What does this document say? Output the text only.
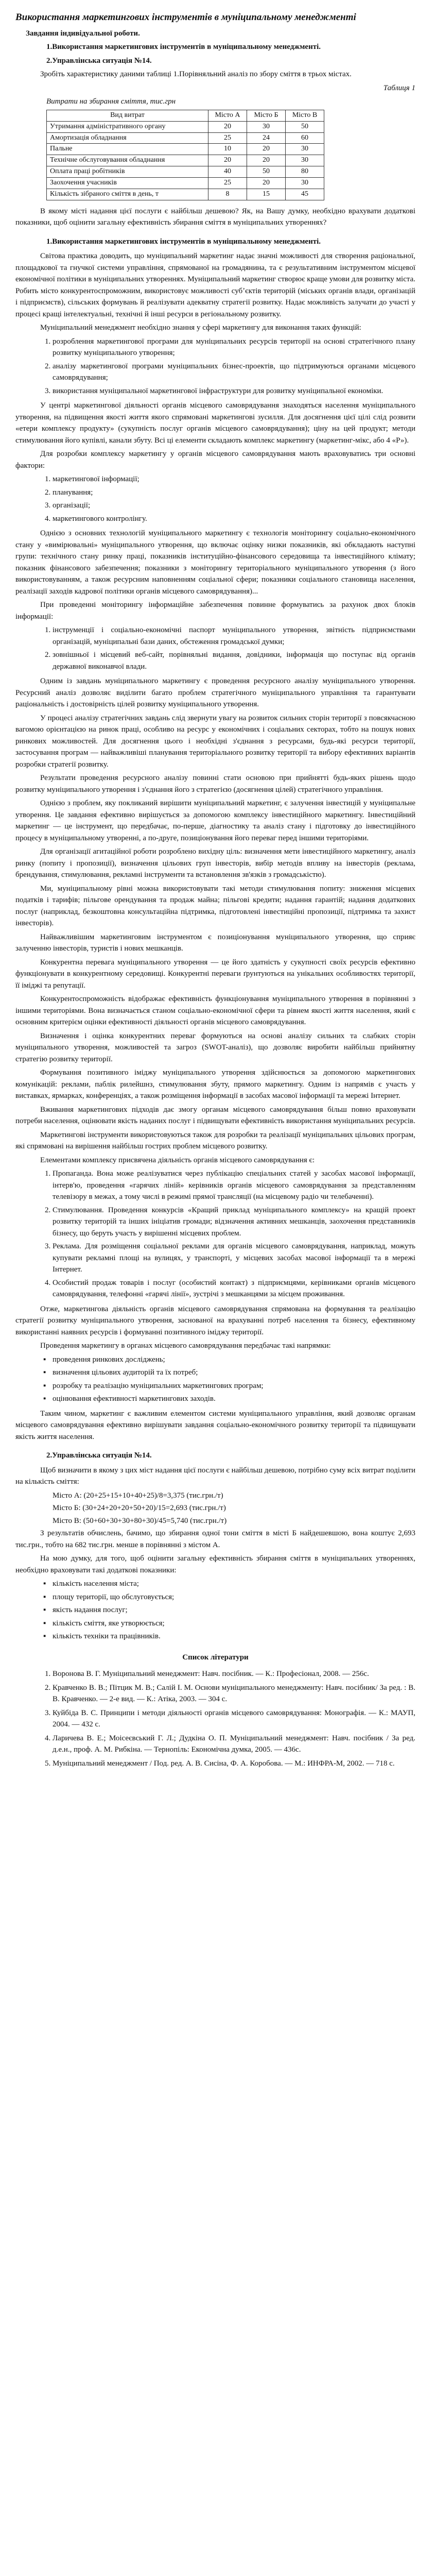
Використання маркетингових інструментів в муніципальному менеджменті
Завдання індивідуальної роботи.
1.Використання маркетингових інструментів в муніципальному менеджменті.
2.Управлінська ситуація №14.

Зробіть характеристику даними таблиці 1.Порівняльний аналіз по збору сміття в трьох містах.

Таблиця 1

Витрати на збирання сміття, тис.грн

Вид витрат	Місто А	Місто Б	Місто В
Утримання адміністративного органу	20	30	50
Амортизація обладнання	25	24	60
Пальне	10	20	30
Технічне обслуговування обладнання	20	20	30
Оплата праці робітників	40	50	80
Заохочення учасників	25	20	30
Кількість зібраного сміття в день, т	8	15	45

В якому місті надання цієї послуги є найбільш дешевою? Як, на Вашу думку, необхідно врахувати додаткові показники, щоб оцінити загальну ефективність збирання сміття в муніципальних утвореннях?

1.Використання маркетингових інструментів в муніципальному менеджменті.

Світова практика доводить, що муніципальний маркетинг надає значні можливості для створення раціональної, площадкової та гнучкої системи управління, спрямованої на громадянина, та є результативним інструментом місцевої економічної політики в муніципальних утвореннях. Муніципальний маркетинг створює краще умови для розвитку міста. Робить місто конкурентоспроможним, використовує можливості субʼєктів територій (міських органів влади, організацій і підприємств), сільських формувань й реалізувати адекватну стратегії розвитку. Надає можливість залучати до участі у процесі кращі інтелектуальні, технічні й інші ресурси в регіональному розвитку.

Муніципальний менеджмент необхідно знання у сфері маркетингу для виконання таких функцій:

1. розроблення маркетингової програми для муніципальних ресурсів території на основі стратегічного плану розвитку муніципального утворення;
2. аналізу маркетингової програми муніципальних бізнес-проектів, що підтримуються органами місцевого самоврядування;
3. використання муніципальної маркетингової інфраструктури для розвитку муніципальної економіки.

У центрі маркетингової діяльності органів місцевого самоврядування знаходяться населення муніципального утворення, на підвищення якості життя якого спрямовані маркетингові зусилля. Для досягнення цієї цілі слід розвити «етери комплексу продукту» (сукупність послуг органів місцевого самоврядування); ціну на цей продукт; методи стимулювання його купівлі, канали збуту. Всі ці елементи складають комплекс маркетингу (маркетинг-мікс, або 4 «Р»).

Для розробки комплексу маркетингу у органів місцевого самоврядування мають враховуватись три основні фактори:

1. маркетингової інформації;
2. планування;
3. організації;
4. маркетингового контролінгу.

Однією з основних технологій муніципального маркетингу є технологія моніторингу соціально-економічного стану у «вимірювальні» муніципального утворення, що включає оцінку низки показників, які обкладають наступні групи: технічного стану ринку праці, показників інституційно-фінансового середовища та інвестиційного клімату; показник фінансового забезпечення; показники з моніторингу територіального муніципального утворення (з його використовуванням, а також ресурсним наповненням соціальної сфери; показники соціального становища населення, реалізації заходів кадрової політики органів місцевого самоврядування)...

При проведенні моніторингу інформаційне забезпечення повинне формуватись за рахунок двох блоків інформації:

1. інструменції і соціально-економічні паспорт муніципального утворення, звітність підприємствами організацій, муніципальні бази даних, обстеження громадської думки;
2. зовнішньої і місцевий веб-сайт, порівняльні видання, довідники, інформація що поступає від органів державної виконавчої влади.

Одним із завдань муніципального маркетингу є проведення ресурсного аналізу муніципального утворення. Ресурсний аналіз дозволяє виділити багато проблем стратегічного муніципального управління та гарантувати раціональність і достовірність цілей розвитку муніципального утворення.

У процесі аналізу стратегічних завдань слід звернути увагу на розвиток сильних сторін території з повсякчасною вагомою орієнтацією на ринок праці, особливо на ресурс у економічних і соціальних секторах, тобто на пошук нових ринкових можливостей. Для досягнення цього і необхідні з'єднання з ресурсами, будь-які ресурси території, застосування програм — найважливіші планування територіального розвитку території та вибору ефективних варіантів розробки стратегії розвитку.

Результати проведення ресурсного аналізу повинні стати основою при прийнятті будь-яких рішень щодо розвитку муніципального утворення і з'єднання його з стратегією (досягнення цілей) стратегічного управління.

Однією з проблем, яку покликаний вирішити муніципальний маркетинг, є залучення інвестицій у муніципальне утворення. Це завдання ефективно вирішується за допомогою комплексу інвестиційного маркетингу. Інвестиційний маркетинг — це інструмент, що передбачає, по-перше, діагностику та аналіз стану і підготовку до інвестиційного процесу в муніципальному утворенні, а по-друге, позиціонування його переваг перед іншими територіями.

Для організації агитаційної роботи розроблено вихідну ціль: визначення мети інвестиційного маркетингу, аналіз ринку (попиту і пропозиції), визначення цільових груп інвесторів, вибір методів впливу на інвесторів (реклама, брендування, стимулювання, рекламні інструменти та встановлення зв'язків з громадськістю).

Ми, муніципальному рівні можна використовувати такі методи стимулювання попиту: зниження місцевих податків і тарифів; пільгове орендування та продаж майна; пільгові кредити; надання гарантій; надання додаткових послуг (наприклад, безкоштовна консультаційна підтримка, підготовлені інвестиційні пропозиції, підтримка та захист інвесторів).

Найважливішим маркетинговим інструментом є позиціонування муніципального утворення, що сприяє залученню інвесторів, туристів і нових мешканців.

Конкурентна перевага муніципального утворення — це його здатність у сукупності своїх ресурсів ефективно функціонувати в конкурентному середовищі. Конкурентні переваги ґрунтуються на унікальних особливостях території, її іміджі та репутації.

Конкурентоспроможність відображає ефективність функціонування муніципального утворення в порівнянні з іншими територіями. Вона визначається станом соціально-економічної сфери та рівнем якості життя населення, який є основним критерієм оцінки ефективності діяльності органів місцевого самоврядування.

Визначення і оцінка конкурентних переваг формуються на основі аналізу сильних та слабких сторін муніципального утворення, можливостей та загроз (SWOT-аналіз), що дозволяє виробити найбільш прийнятну стратегію розвитку території.

Формування позитивного іміджу муніципального утворення здійснюється за допомогою маркетингових комунікацій: реклами, паблік рилейшнз, стимулювання збуту, прямого маркетингу. Одним із напрямів є участь у виставках, ярмарках, конференціях, а також розміщення інформації в засобах масової інформації та мережі Інтернет.

Вживання маркетингових підходів дає змогу органам місцевого самоврядування більш повно враховувати потреби населення, оцінювати якість наданих послуг і підвищувати ефективність використання муніципальних ресурсів.

Маркетингові інструменти використовуються також для розробки та реалізації муніципальних цільових програм, які спрямовані на вирішення найбільш гострих проблем місцевого розвитку.

Елементами комплексу присвячена діяльність органів місцевого самоврядування є:

1. Пропаганда. Вона може реалізуватися через публікацію спеціальних статей у засобах масової інформації, інтерв'ю, проведення «гарячих ліній» керівників органів місцевого самоврядування за представленням телевізору в межах, а тому числі в режимі прямої трансляції (на місцевому радіо чи телебаченні).
2. Стимулювання. Проведення конкурсів «Кращий приклад муніципального комплексу» на кращій проект розвитку територій та інших ініціатив громади; відзначення активних мешканців, заохочення представників бізнесу, що беруть участь у вирішенні місцевих проблем.
3. Реклама. Для розміщення соціальної реклами для органів місцевого самоврядування, наприклад, можуть купувати рекламні площі на вулицях, у транспорті, у місцевих засобах масової інформації та в мережі Інтернет.
4. Особистий продаж товарів і послуг (особистий контакт) з підприємцями, керівниками органів місцевого самоврядування, телефонні «гарячі лінії», зустрічі з мешканцями за місцем проживання.

Отже, маркетингова діяльність органів місцевого самоврядування спрямована на формування та реалізацію стратегії розвитку муніципального утворення, заснованої на врахуванні потреб населення та бізнесу, ефективному використанні наявних ресурсів і формуванні позитивного іміджу території.

Проведення маркетингу в органах місцевого самоврядування передбачає такі напрямки:

▪ проведення ринкових досліджень;
▪ визначення цільових аудиторій та їх потреб;
▪ розробку та реалізацію муніципальних маркетингових програм;
▪ оцінювання ефективності маркетингових заходів.

Таким чином, маркетинг є важливим елементом системи муніципального управління, який дозволяє органам місцевого самоврядування ефективно вирішувати завдання соціально-економічного розвитку території та підвищувати якість життя населення.

2.Управлінська ситуація №14.

Щоб визначити в якому з цих міст надання цієї послуги є найбільш дешевою, потрібно суму всіх витрат поділити на кількість сміття:

Місто А: (20+25+15+10+40+25)/8=3,375 (тис.грн./т)

Місто Б: (30+24+20+20+50+20)/15=2,693 (тис.грн./т)

Місто В: (50+60+30+30+80+30)/45=5,740 (тис.грн./т)

З результатів обчислень, бачимо, що збирання одної тони сміття в місті Б найдешевшою, вона коштує 2,693 тис.грн., тобто на 682 тис.грн. менше в порівнянні з містом А.

На мою думку, для того, щоб оцінити загальну ефективність збирання сміття в муніципальних утвореннях, необхідно враховувати такі додаткові показники:

▪ кількість населення міста;
▪ площу території, що обслуговується;
▪ якість надання послуг;
▪ кількість сміття, яке утворюється;
▪ кількість техніки та працівників.
Список літератури
1. Воронова В. Г. Муніципальний менеджмент: Навч. посібник. — К.: Професіонал, 2008. — 256с.
2. Кравченко В. В.; Пітцик М. В.; Салій І. М. Основи муніципального менеджменту: Навч. посібник/ За ред. : В. В. Кравченко. — 2-е вид. — К.: Атіка, 2003. — 304 с.
3. Куйбіда В. С. Принципи і методи діяльності органів місцевого самоврядування: Монографія. — К.: МАУП, 2004. — 432 с.
4. Ларичева В. Е.; Моісеєвський Г. Л.; Дудкіна О. П. Муніципальний менеджмент: Навч. посібник / За ред. д.е.н., проф. А. М. Рибкіна. — Тернопіль: Економічна думка, 2005. — 436с.
5. Муніципальний менеджмент / Под. ред. А. В. Сисіна, Ф. А. Коробова. — М.: ИНФРА-М, 2002. — 718 с.
